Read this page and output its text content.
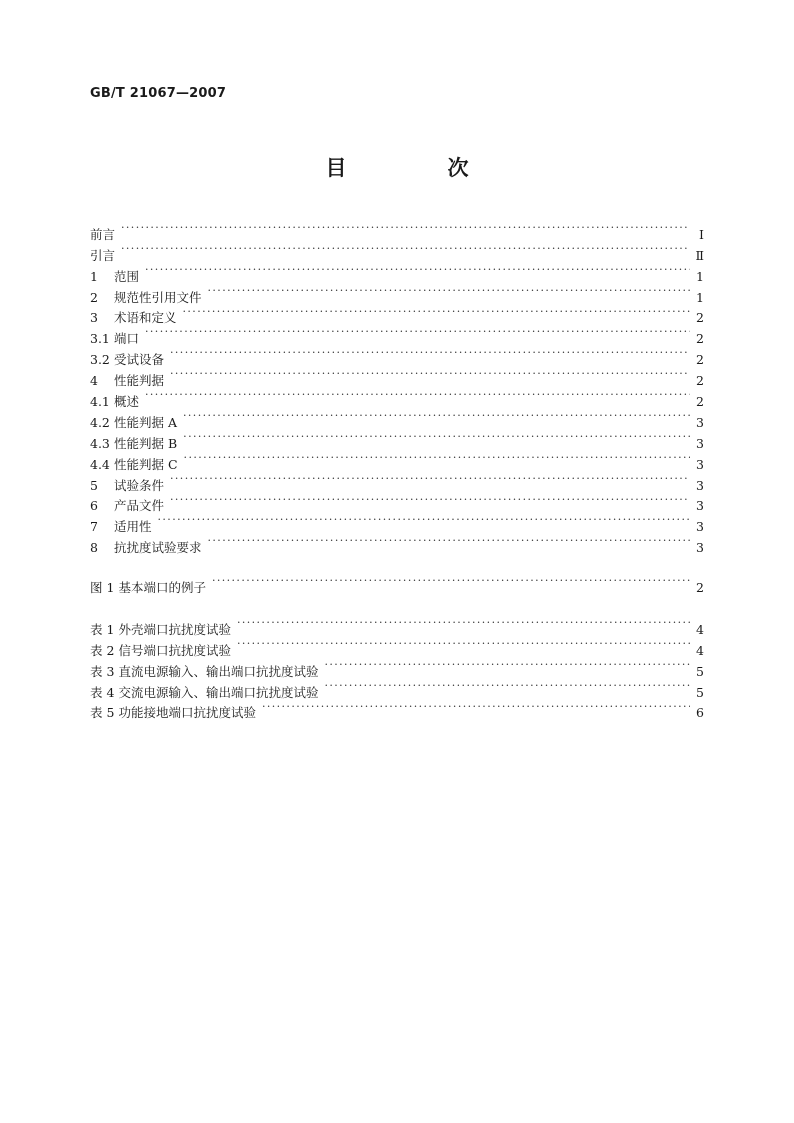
GB/T 21067—2007
目　次
前言 ·····	Ⅰ
引言 ·····	Ⅱ
1	范围 ·····	1
2	规范性引用文件 ·····	1
3	术语和定义 ·····	2
3.1 端口 ·····	2
3.2 受试设备 ·····	2
4	性能判据 ·····	2
4.1 概述 ·····	2
4.2 性能判据 A ·····	3
4.3 性能判据 B ·····	3
4.4 性能判据 C ·····	3
5	试验条件 ·····	3
6	产品文件 ·····	3
7	适用性 ·····	3
8	抗扰度试验要求 ·····	3
图 1 基本端口的例子 ·····	2
表 1 外壳端口抗扰度试验 ·····	4
表 2 信号端口抗扰度试验 ·····	4
表 3 直流电源输入、输出端口抗扰度试验 ·····	5
表 4 交流电源输入、输出端口抗扰度试验 ·····	5
表 5 功能接地端口抗扰度试验 ·····	6
